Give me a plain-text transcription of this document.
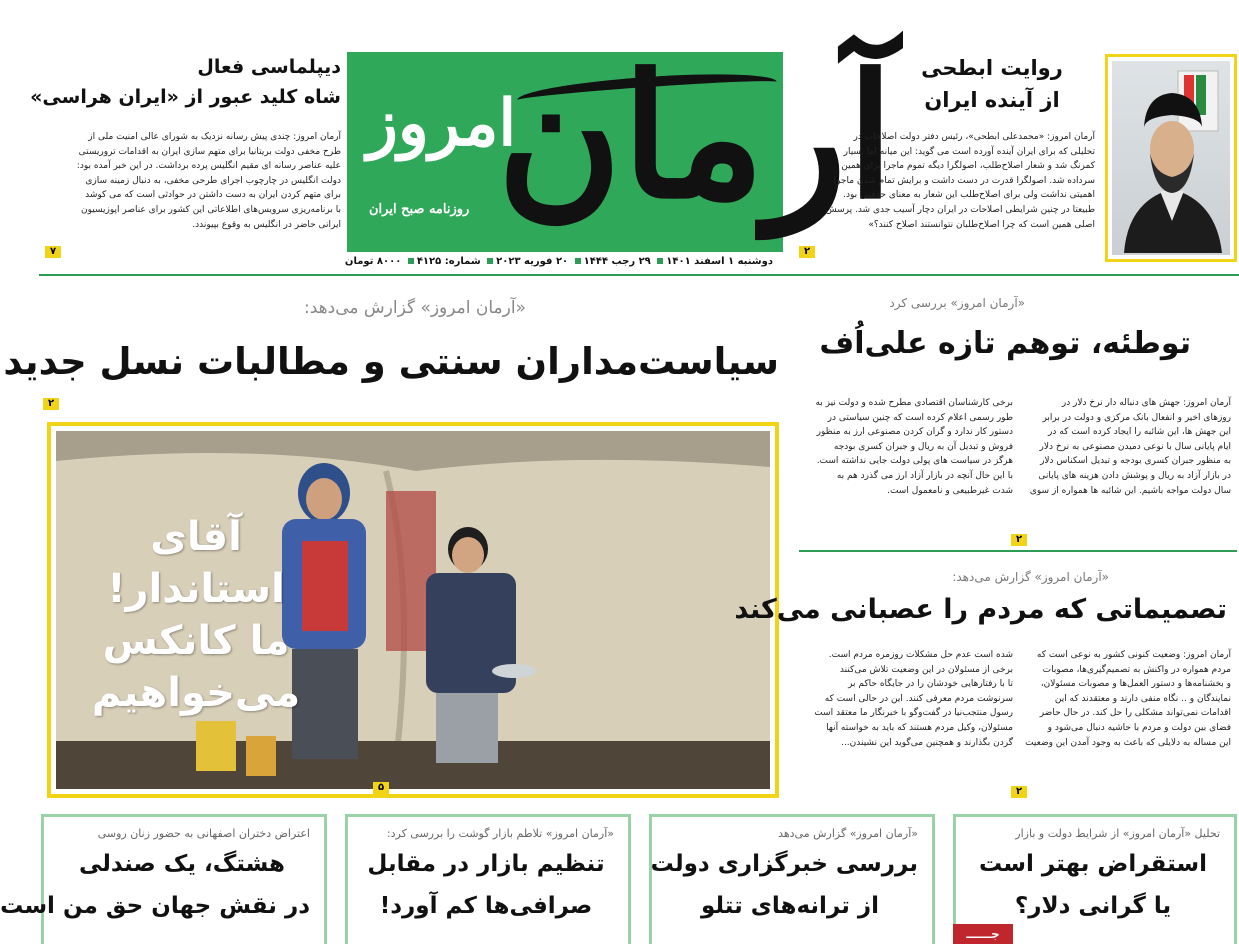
آرمان
امروز
روزنامه صبح ایران
دوشنبه ۱ اسفند ۱۴۰۱ ۲۹ رجب ۱۴۴۴ ۲۰ فوریه ۲۰۲۳ شماره: ۴۱۲۵ ۸۰۰۰ تومان
روایت ابطحی
از آینده ایران
آرمان امروز: «محمدعلی ابطحی»، رئیس دفتر دولت اصلاحات در
تحلیلی که برای ایران آینده آورده است می گوید: این میانه اما بسیار
کمرنگ شد و شعار اصلاح‌طلب، اصولگرا دیگه تموم ماجرا برای همین
سرداده شد. اصولگرا قدرت در دست داشت و برایش تمام شدن ماجرا
اهمیتی نداشت ولی برای اصلاح‌طلب این شعار به معنای حذفش بود.
طبیعتا در چنین شرایطی اصلاحات در ایران دچار آسیب جدی شد. پرسش
اصلی همین است که چرا اصلاح‌طلبان نتوانستند اصلاح کنند؟»
۲
دیپلماسی فعال
شاه کلید عبور از «ایران هراسی»
آرمان امروز: چندی پیش رسانه نزدیک به شورای عالی امنیت ملی از
طرح مخفی دولت بریتانیا برای متهم سازی ایران به اقدامات تروریستی
علیه عناصر رسانه ای مقیم انگلیس پرده برداشت. در این خبر آمده بود:
دولت انگلیس در چارچوب اجرای طرحی مخفی، به دنبال زمینه سازی
برای متهم کردن ایران به دست داشتن در حوادثی است که می کوشد
با برنامه‌ریزی سرویس‌های اطلاعاتی این کشور برای عناصر اپوزیسیون
ایرانی حاضر در انگلیس به وقوع بپیوندد.
۷
«آرمان امروز» گزارش می‌دهد:
سیاست‌مداران سنتی و مطالبات نسل جدید
۲
آقای
استاندار!
ما کانکس
می‌خواهیم
۵
«آرمان امروز» بررسی کرد
توطئه، توهم تازه علی‌اُف
آرمان امروز: جهش های دنباله دار نرخ دلار در
روزهای اخیر و انفعال بانک مرکزی و دولت در برابر
این جهش ها، این شائبه را ایجاد کرده است که در
ایام پایانی سال با نوعی دمیدن مصنوعی به نرخ دلار
به منظور جبران کسری بودجه و تبدیل اسکناس دلار
در بازار آزاد به ریال و پوشش دادن هزینه های پایانی
سال دولت مواجه باشیم. این شائبه ها همواره از سوی
برخی کارشناسان اقتصادی مطرح شده و دولت نیز به
طور رسمی اعلام کرده است که چنین سیاستی در
دستور کار ندارد و گران کردن مصنوعی ارز به منظور
فروش و تبدیل آن به ریال و جبران کسری بودجه
هرگز در سیاست های پولی دولت جایی نداشته است.
با این حال آنچه در بازار آزاد ارز می گذرد هم به
شدت غیرطبیعی و نامعمول است.
۲
«آرمان امروز» گزارش می‌دهد:
تصمیماتی که مردم را عصبانی می‌کند
آرمان امروز: وضعیت کنونی کشور به نوعی است که
مردم همواره در واکنش به تصمیم‌گیری‌ها، مصوبات
و بخشنامه‌ها و دستور العمل‌ها و مصوبات مسئولان،
نمایندگان و .. نگاه منفی دارند و معتقدند که این
اقدامات نمی‌تواند مشکلی را حل کند. در حال حاضر
فضای بین دولت و مردم با حاشیه دنبال می‌شود و
این مساله به دلایلی که باعث به وجود آمدن این وضعیت
شده است عدم حل مشکلات روزمره مردم است.
برخی از مسئولان در این وضعیت تلاش می‌کنند
تا با رفتارهایی خودشان را در جایگاه حاکم بر
سرنوشت مردم معرفی کنند. این در حالی است که
رسول منتجب‌نیا در گفت‌وگو با خبرنگار ما معتقد است
مسئولان، وکیل مردم هستند که باید به خواسته آنها
گردن بگذارند و همچنین می‌گوید این نشیندن...
۲
تحلیل «آرمان امروز» از شرایط دولت و بازار
استقراض بهتر است
یا گرانی دلار؟
جــــــ
«آرمان امروز» گزارش می‌دهد
بررسی خبرگزاری دولت
از ترانه‌های تتلو
«آرمان امروز» تلاطم بازار گوشت را بررسی کرد:
تنظیم بازار در مقابل
صرافی‌ها کم آورد!
اعتراض دختران اصفهانی به حضور زنان روسی
هشتگ، یک صندلی
در نقش جهان حق من است
